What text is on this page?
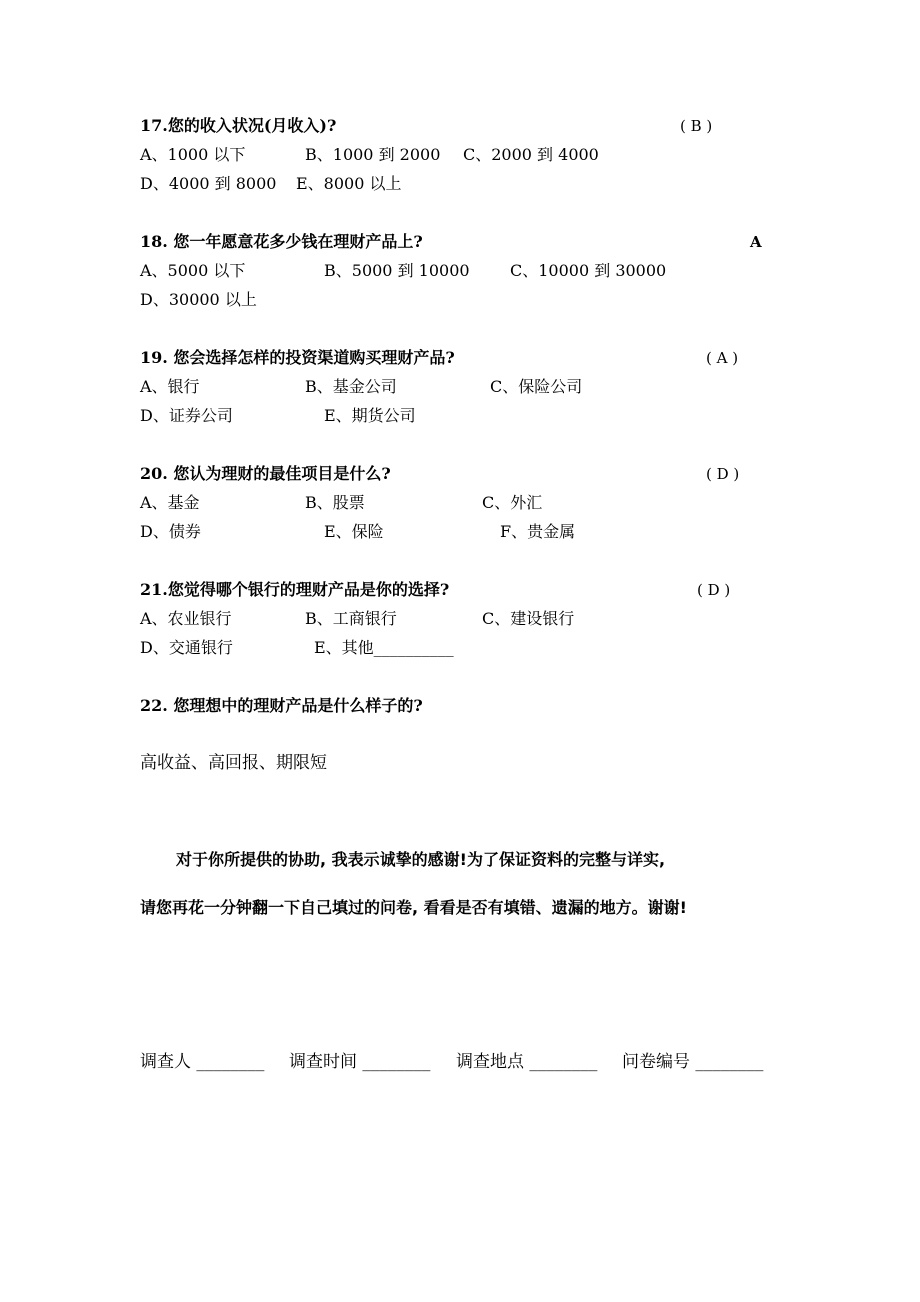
17.您的收入状况(月收入)?	( B )
A、1000 以下	B、1000 到 2000 C、2000 到 4000
D、4000 到 8000 E、8000 以上
18. 您一年愿意花多少钱在理财产品上?	A
A、5000 以下	B、5000 到 10000	C、10000 到 30000
D、30000 以上
19. 您会选择怎样的投资渠道购买理财产品?	( A )
A、银行	B、基金公司	C、保险公司
D、证券公司	E、期货公司
20. 您认为理财的最佳项目是什么?	( D )
A、基金	B、股票	C、外汇
D、债券	E、保险	F、贵金属
21.您觉得哪个银行的理财产品是你的选择?	( D )
A、农业银行	B、工商银行	C、建设银行
D、交通银行	E、其他__________
22. 您理想中的理财产品是什么样子的?
高收益、高回报、期限短
对于你所提供的协助, 我表示诚挚的感谢!为了保证资料的完整与详实,
请您再花一分钟翻一下自己填过的问卷, 看看是否有填错、遗漏的地方。谢谢!
调查人 ________ 调查时间 ________ 调查地点 ________ 问卷编号 ________
